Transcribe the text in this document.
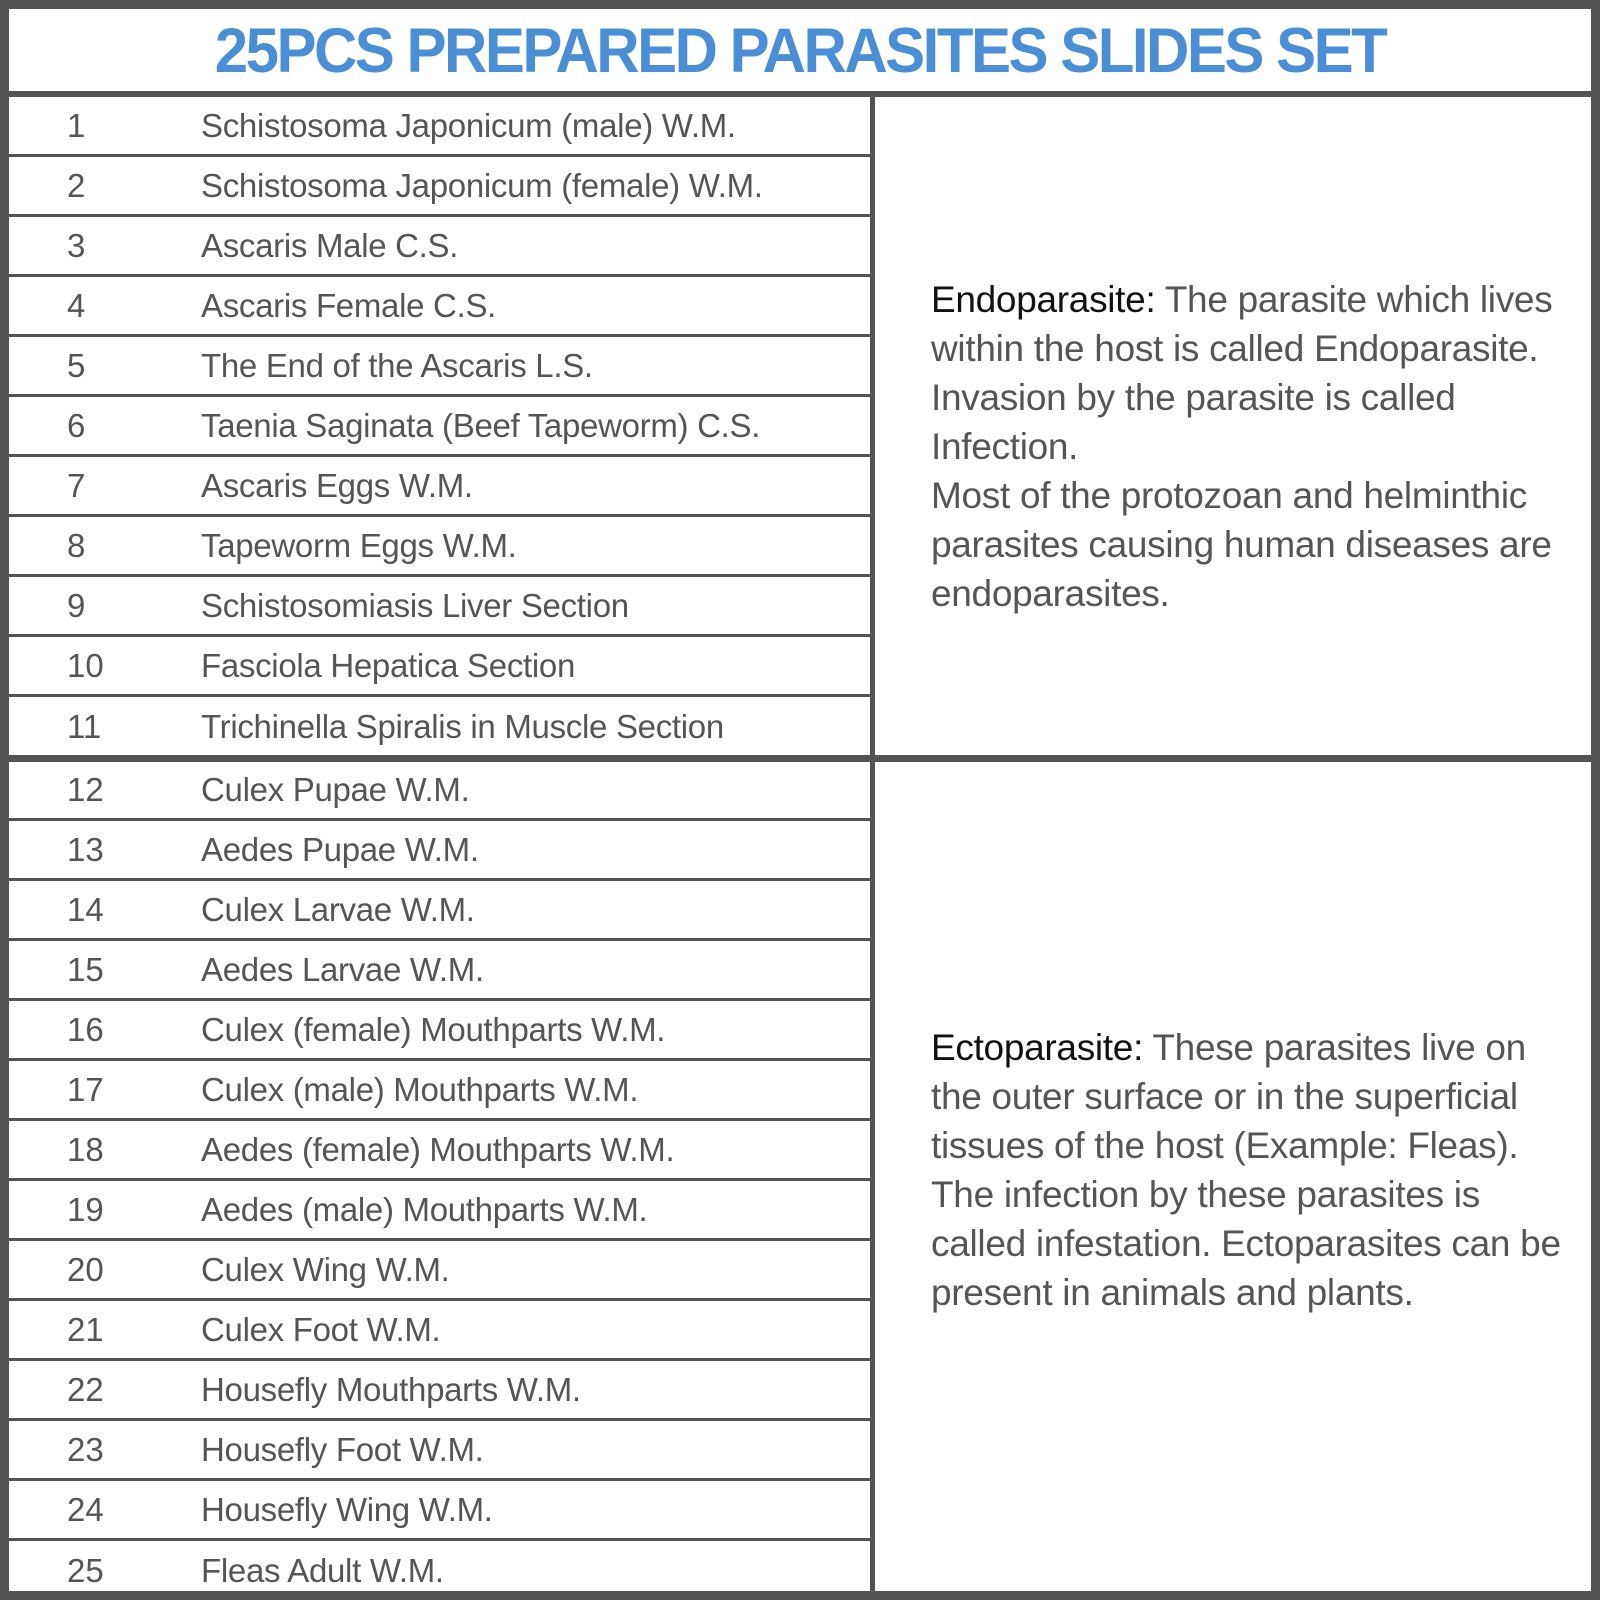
25PCS PREPARED PARASITES SLIDES SET
1	Schistosoma Japonicum (male) W.M.
2	Schistosoma Japonicum (female) W.M.
3	Ascaris Male C.S.
4	Ascaris Female C.S.
5	The End of the Ascaris L.S.
6	Taenia Saginata (Beef Tapeworm) C.S.
7	Ascaris Eggs W.M.
8	Tapeworm Eggs W.M.
9	Schistosomiasis Liver Section
10	Fasciola Hepatica Section
11	Trichinella Spiralis in Muscle Section
12	Culex Pupae W.M.
13	Aedes Pupae W.M.
14	Culex Larvae W.M.
15	Aedes Larvae W.M.
16	Culex (female) Mouthparts W.M.
17	Culex (male) Mouthparts W.M.
18	Aedes (female) Mouthparts W.M.
19	Aedes (male) Mouthparts W.M.
20	Culex Wing W.M.
21	Culex Foot W.M.
22	Housefly Mouthparts W.M.
23	Housefly Foot W.M.
24	Housefly Wing W.M.
25	Fleas Adult W.M.
Endoparasite: The parasite which lives within the host is called Endoparasite. Invasion by the parasite is called Infection.
Most of the protozoan and helminthic parasites causing human diseases are endoparasites.
Ectoparasite: These parasites live on the outer surface or in the superficial tissues of the host (Example: Fleas). The infection by these parasites is called infestation. Ectoparasites can be present in animals and plants.
